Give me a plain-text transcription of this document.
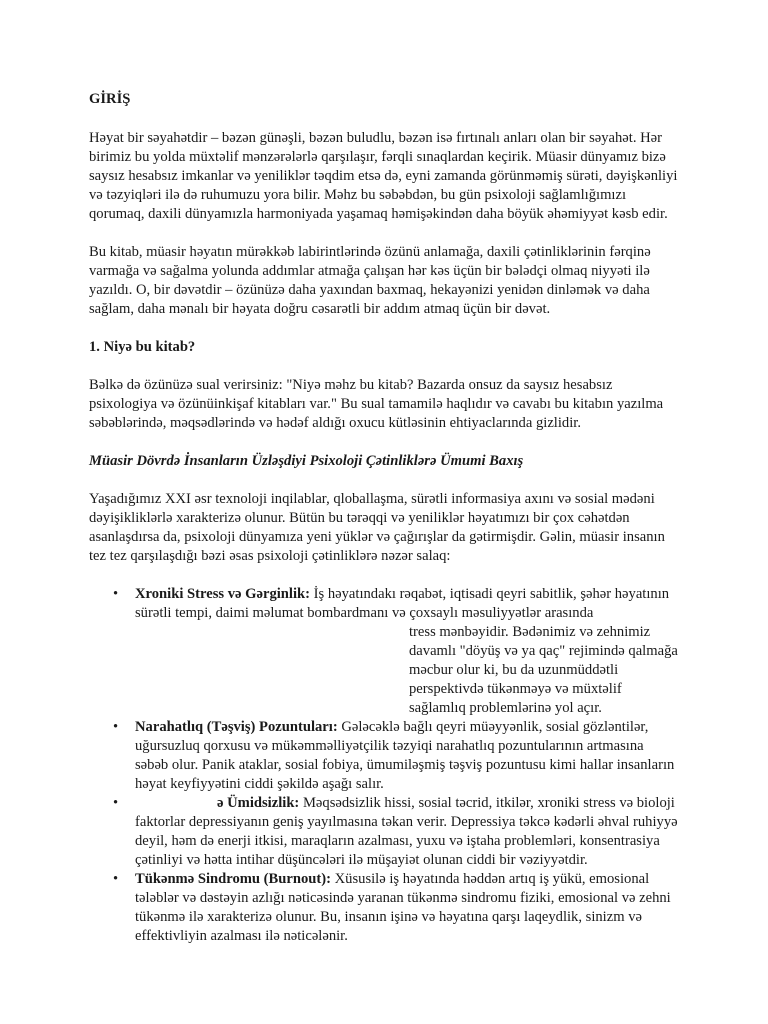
GİRİŞ

Həyat bir səyahətdir – bəzən günəşli, bəzən buludlu, bəzən isə fırtınalı anları olan bir səyahət. Hər birimiz bu yolda müxtəlif mənzərələrlə qarşılaşır, fərqli sınaqlardan keçirik. Müasir dünyamız bizə saysız hesabsız imkanlar və yeniliklər təqdim etsə də, eyni zamanda görünməmiş sürəti, dəyişkənliyi və təzyiqləri ilə də ruhumuzu yora bilir. Məhz bu səbəbdən, bu gün psixoloji sağlamlığımızı qorumaq, daxili dünyamızla harmoniyada yaşamaq həmişəkindən daha böyük əhəmiyyət kəsb edir.

Bu kitab, müasir həyatın mürəkkəb labirintlərində özünü anlamağa, daxili çətinliklərinin fərqinə varmağa və sağalma yolunda addımlar atmağa çalışan hər kəs üçün bir bələdçi olmaq niyyəti ilə yazıldı. O, bir dəvətdir – özünüzə daha yaxından baxmaq, hekayənizi yenidən dinləmək və daha sağlam, daha mənalı bir həyata doğru cəsarətli bir addım atmaq üçün bir dəvət.

1. Niyə bu kitab?

Bəlkə də özünüzə sual verirsiniz: "Niyə məhz bu kitab? Bazarda onsuz da saysız hesabsız psixologiya və özünüinkişaf kitabları var." Bu sual tamamilə haqlıdır və cavabı bu kitabın yazılma səbəblərində, məqsədlərində və hədəf aldığı oxucu kütləsinin ehtiyaclarında gizlidir.

Müasir Dövrdə İnsanların Üzləşdiyi Psixoloji Çətinliklərə Ümumi Baxış

Yaşadığımız XXI əsr texnoloji inqilablar, qloballaşma, sürətli informasiya axını və sosial mədəni dəyişikliklərlə xarakterizə olunur. Bütün bu tərəqqi və yeniliklər həyatımızı bir çox cəhətdən asanlaşdırsa da, psixoloji dünyamıza yeni yüklər və çağırışlar da gətirmişdir. Gəlin, müasir insanın tez tez qarşılaşdığı bəzi əsas psixoloji çətinliklərə nəzər salaq:

• Xroniki Stress və Gərginlik: İş həyatındakı rəqabət, iqtisadi qeyri sabitlik, şəhər həyatının sürətli tempi, daimi məlumat bombardmanı və çoxsaylı məsuliyyətlər arasında
tress mənbəyidir. Bədənimiz və zehnimiz davamlı "döyüş və ya qaç" rejimində qalmağa məcbur olur ki, bu da uzunmüddətli perspektivdə tükənməyə və müxtəlif sağlamlıq problemlərinə yol açır.
• Narahatlıq (Təşviş) Pozuntuları: Gələcəklə bağlı qeyri müəyyənlik, sosial gözləntilər, uğursuzluq qorxusu və mükəmməlliyətçilik təzyiqi narahatlıq pozuntularının artmasına səbəb olur. Panik ataklar, sosial fobiya, ümumiləşmiş təşviş pozuntusu kimi hallar insanların həyat keyfiyyətini ciddi şəkildə aşağı salır.
•	ə Ümidsizlik: Məqsədsizlik hissi, sosial təcrid, itkilər, xroniki stress və bioloji faktorlar depressiyanın geniş yayılmasına təkan verir. Depressiya təkcə kədərli əhval ruhiyyə deyil, həm də enerji itkisi, maraqların azalması, yuxu və iştaha problemləri, konsentrasiya çətinliyi və hətta intihar düşüncələri ilə müşayiət olunan ciddi bir vəziyyətdir.
• Tükənmə Sindromu (Burnout): Xüsusilə iş həyatında həddən artıq iş yükü, emosional tələblər və dəstəyin azlığı nəticəsində yaranan tükənmə sindromu fiziki, emosional və zehni tükənmə ilə xarakterizə olunur. Bu, insanın işinə və həyatına qarşı laqeydlik, sinizm və effektivliyin azalması ilə nəticələnir.
